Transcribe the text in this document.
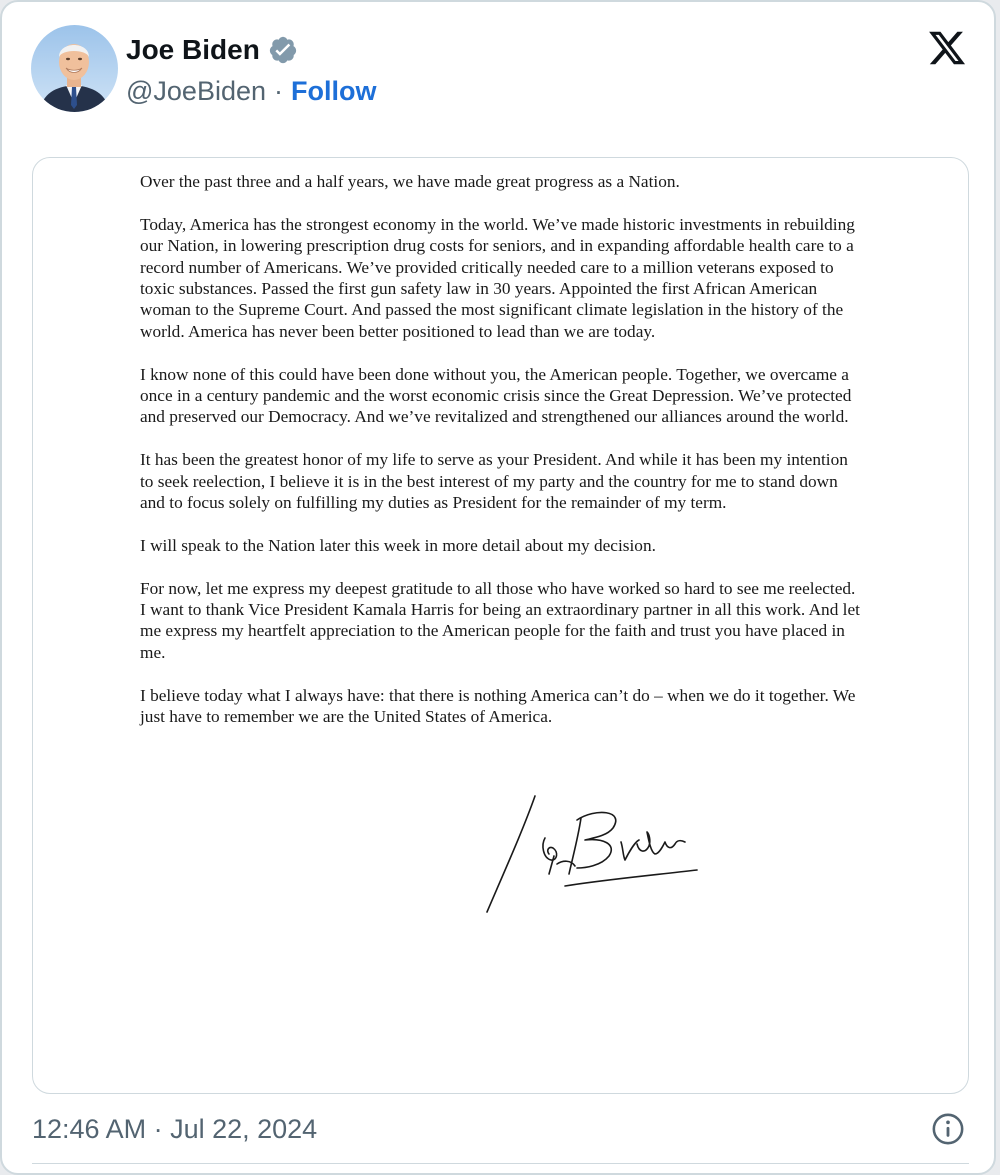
Joe Biden
@JoeBiden · Follow

Over the past three and a half years, we have made great progress as a Nation.

Today, America has the strongest economy in the world. We’ve made historic investments in rebuilding our Nation, in lowering prescription drug costs for seniors, and in expanding affordable health care to a record number of Americans. We’ve provided critically needed care to a million veterans exposed to toxic substances. Passed the first gun safety law in 30 years. Appointed the first African American woman to the Supreme Court. And passed the most significant climate legislation in the history of the world. America has never been better positioned to lead than we are today.

I know none of this could have been done without you, the American people. Together, we overcame a once in a century pandemic and the worst economic crisis since the Great Depression. We’ve protected and preserved our Democracy. And we’ve revitalized and strengthened our alliances around the world.

It has been the greatest honor of my life to serve as your President. And while it has been my intention to seek reelection, I believe it is in the best interest of my party and the country for me to stand down and to focus solely on fulfilling my duties as President for the remainder of my term.

I will speak to the Nation later this week in more detail about my decision.

For now, let me express my deepest gratitude to all those who have worked so hard to see me reelected. I want to thank Vice President Kamala Harris for being an extraordinary partner in all this work. And let me express my heartfelt appreciation to the American people for the faith and trust you have placed in me.

I believe today what I always have: that there is nothing America can’t do – when we do it together. We just have to remember we are the United States of America.

12:46 AM · Jul 22, 2024
